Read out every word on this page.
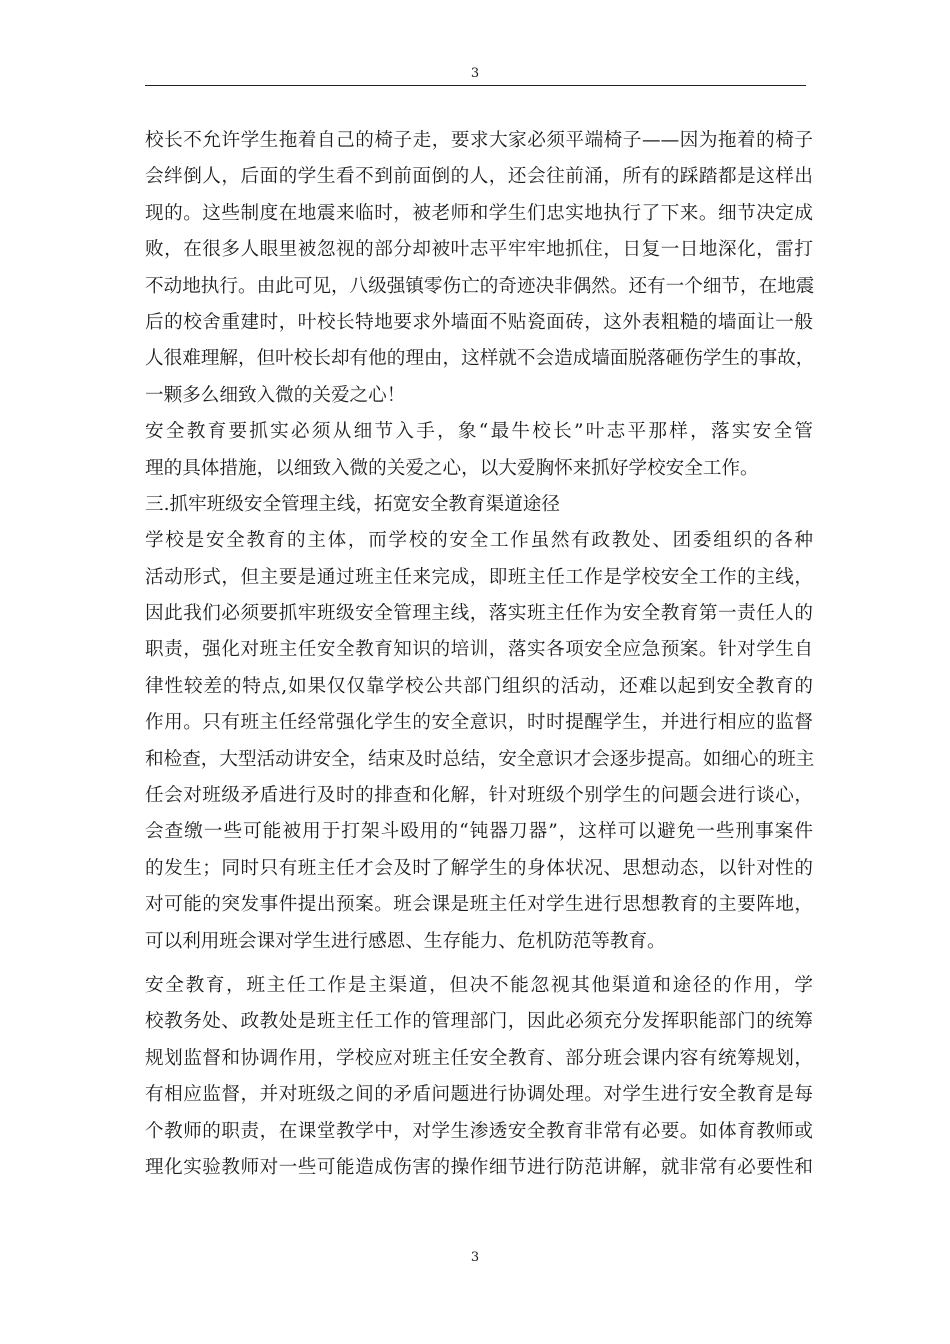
3
校长不允许学生拖着自己的椅子走，要求大家必须平端椅子——因为拖着的椅子
会绊倒人，后面的学生看不到前面倒的人，还会往前涌，所有的踩踏都是这样出
现的。这些制度在地震来临时，被老师和学生们忠实地执行了下来。细节决定成
败，在很多人眼里被忽视的部分却被叶志平牢牢地抓住，日复一日地深化，雷打
不动地执行。由此可见，八级强镇零伤亡的奇迹决非偶然。还有一个细节，在地震
后的校舍重建时，叶校长特地要求外墙面不贴瓷面砖，这外表粗糙的墙面让一般
人很难理解，但叶校长却有他的理由，这样就不会造成墙面脱落砸伤学生的事故，
一颗多么细致入微的关爱之心！
安全教育要抓实必须从细节入手，象“最牛校长”叶志平那样，落实安全管
理的具体措施，以细致入微的关爱之心，以大爱胸怀来抓好学校安全工作。
三.抓牢班级安全管理主线，拓宽安全教育渠道途径
学校是安全教育的主体，而学校的安全工作虽然有政教处、团委组织的各种
活动形式，但主要是通过班主任来完成，即班主任工作是学校安全工作的主线，
因此我们必须要抓牢班级安全管理主线，落实班主任作为安全教育第一责任人的
职责，强化对班主任安全教育知识的培训，落实各项安全应急预案。针对学生自
律性较差的特点,如果仅仅靠学校公共部门组织的活动，还难以起到安全教育的
作用。只有班主任经常强化学生的安全意识，时时提醒学生，并进行相应的监督
和检查，大型活动讲安全，结束及时总结，安全意识才会逐步提高。如细心的班主
任会对班级矛盾进行及时的排查和化解，针对班级个别学生的问题会进行谈心，
会查缴一些可能被用于打架斗殴用的“钝器刀器”，这样可以避免一些刑事案件
的发生；同时只有班主任才会及时了解学生的身体状况、思想动态，以针对性的
对可能的突发事件提出预案。班会课是班主任对学生进行思想教育的主要阵地，
可以利用班会课对学生进行感恩、生存能力、危机防范等教育。
安全教育，班主任工作是主渠道，但决不能忽视其他渠道和途径的作用，学
校教务处、政教处是班主任工作的管理部门，因此必须充分发挥职能部门的统筹
规划监督和协调作用，学校应对班主任安全教育、部分班会课内容有统筹规划，
有相应监督，并对班级之间的矛盾问题进行协调处理。对学生进行安全教育是每
个教师的职责，在课堂教学中，对学生渗透安全教育非常有必要。如体育教师或
理化实验教师对一些可能造成伤害的操作细节进行防范讲解，就非常有必要性和
3
